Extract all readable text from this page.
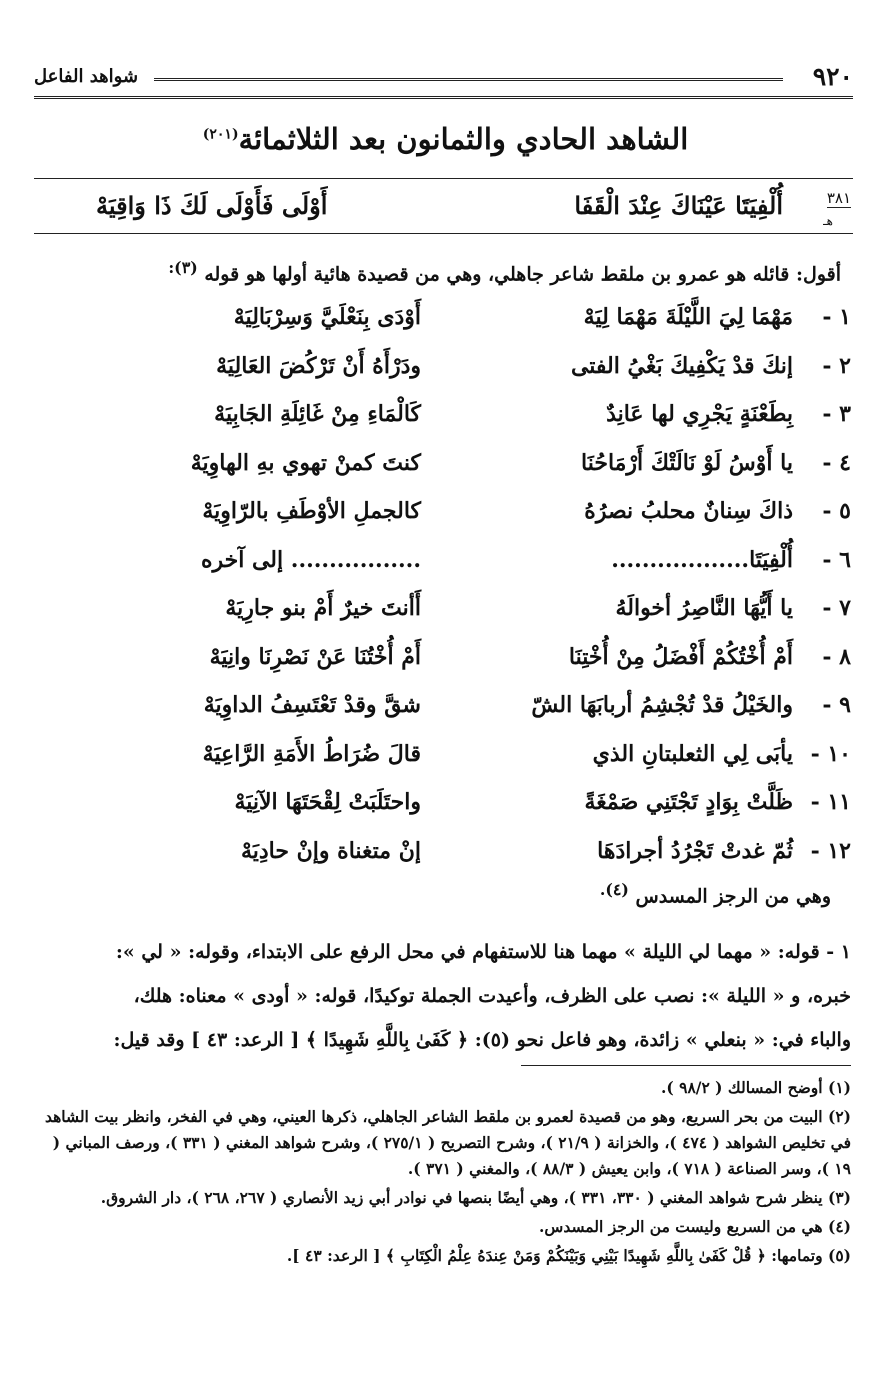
٩٢٠
شواهد الفاعل
الشاهد الحادي والثمانون بعد الثلاثمائة$^{(٢٠١)}$
٣٨١
هـ
أُلْفِيَتَا عَيْنَاكَ عِنْدَ الْقَفَا
أَوْلَى فَأَوْلَى لَكَ ذَا وَاقِيَهْ
أقول: قائله هو عمرو بن ملقط شاعر جاهلي، وهي من قصيدة هائية أولها هو قوله $^{(٣):}$
١ -
مَهْمَا لِيَ اللَّيْلَةَ مَهْمَا لِيَهْ
أَوْدَى بِنَعْلَيَّ وَسِرْبَالِيَهْ
٢ -
إنكَ قدْ يَكْفِيكَ بَغْيُ الفتى
ودَرْأَهُ أَنْ تَرْكُضَ العَالِيَهْ
٣ -
بِطَعْنَةٍ يَجْرِي لها عَانِدٌ
كَالْمَاءِ مِنْ غَائِلَةِ الجَابِيَهْ
٤ -
يا أَوْسُ لَوْ نَالَتْكَ أَرْمَاحُنَا
كنتَ كمنْ تهوي بهِ الهاوِيَهْ
٥ -
ذاكَ سِنانٌ محلبُ نصرُهُ
كالجملِ الأوْطَفِ بالرّاوِيَهْ
٦ -
أُلْفِيَتَا..................
................. إلى آخره
٧ -
يا أَيُّهَا النَّاصِرُ أخوالَهُ
أَأنتَ خيرٌ أَمْ بنو جارِيَهْ
٨ -
أَمْ أُخْتُكُمْ أَفْضَلُ مِنْ أُخْتِنَا
أَمْ أُخْتُنَا عَنْ نَصْرِنَا وانِيَهْ
٩ -
والخَيْلُ قدْ تُجْشِمُ أربابَهَا الشّ
شقَّ وقدْ تَعْتَسِفُ الداوِيَهْ
١٠ -
يأبَى لِي الثعلبتانِ الذي
قالَ ضُرَاطُ الأَمَةِ الرَّاعِيَهْ
١١ -
ظَلَّتْ بِوَادٍ تَجْتَنِي صَمْغَةً
واحتَلَبَتْ لِقْحَتَهَا الآنِيَهْ
١٢ -
ثُمّ غدتْ تَجْرُدُ أجرادَهَا
إنْ متغناة وإنْ حادِيَهْ
وهي من الرجز المسدس $^{(٤).}$
١ - قوله: « مهما لي الليلة » مهما هنا للاستفهام في محل الرفع على الابتداء، وقوله: « لي »:
خبره، و « الليلة »: نصب على الظرف، وأعيدت الجملة توكيدًا، قوله: « أودى » معناه: هلك،
والباء في: « بنعلي » زائدة، وهو فاعل نحو (٥): ﴿ كَفَىٰ بِاللَّهِ شَهِيدًا ﴾ [ الرعد: ٤٣ ] وقد قيل:

(١) أوضح المسالك ( ٩٨/٢ ).

(٢) البيت من بحر السريع، وهو من قصيدة لعمرو بن ملقط الشاعر الجاهلي، ذكرها العيني، وهي في الفخر، وانظر بيت الشاهد في تخليص الشواهد ( ٤٧٤ )، والخزانة ( ٢١/٩ )، وشرح التصريح ( ٢٧٥/١ )، وشرح شواهد المغني ( ٣٣١ )، ورصف المباني ( ١٩ )، وسر الصناعة ( ٧١٨ )، وابن يعيش ( ٨٨/٣ )، والمغني ( ٣٧١ ).

(٣) ينظر شرح شواهد المغني ( ٣٣٠، ٣٣١ )، وهي أيضًا بنصها في نوادر أبي زيد الأنصاري ( ٢٦٧، ٢٦٨ )، دار الشروق.

(٤) هي من السريع وليست من الرجز المسدس.

(٥) وتمامها: ﴿ قُلْ كَفَىٰ بِاللَّهِ شَهِيدًا بَيْنِي وَبَيْنَكُمْ وَمَنْ عِندَهُ عِلْمُ الْكِتَابِ ﴾ [ الرعد: ٤٣ ].
